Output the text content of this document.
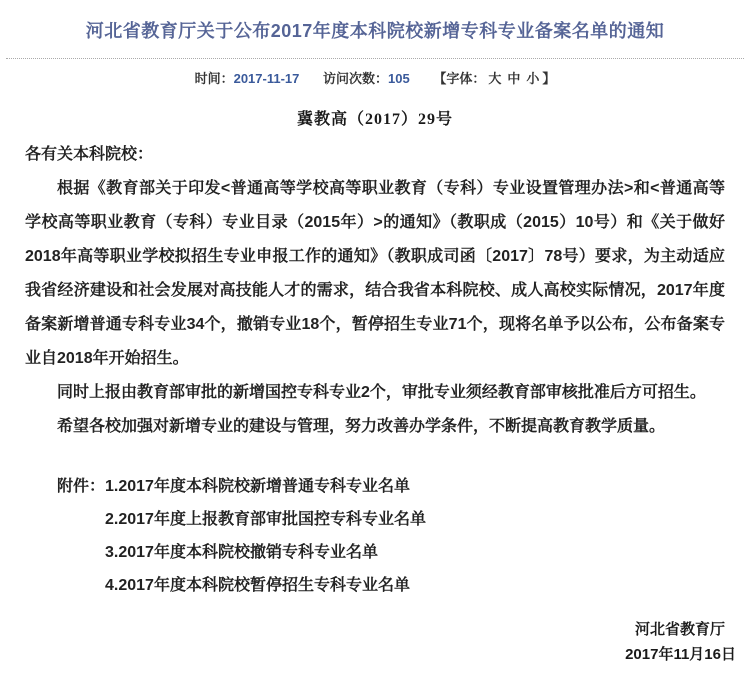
河北省教育厅关于公布2017年度本科院校新增专科专业备案名单的通知
时间：2017-11-17 访问次数：105 【字体： 大 中 小 】
冀教高（2017）29号
各有关本科院校：
根据《教育部关于印发<普通高等学校高等职业教育（专科）专业设置管理办法>和<普通高等学校高等职业教育（专科）专业目录（2015年）>的通知》（教职成（2015）10号）和《关于做好2018年高等职业学校拟招生专业申报工作的通知》（教职成司函〔2017〕78号）要求，为主动适应我省经济建设和社会发展对高技能人才的需求，结合我省本科院校、成人高校实际情况，2017年度备案新增普通专科专业34个，撤销专业18个，暂停招生专业71个，现将名单予以公布，公布备案专业自2018年开始招生。
同时上报由教育部审批的新增国控专科专业2个，审批专业须经教育部审核批准后方可招生。
希望各校加强对新增专业的建设与管理，努力改善办学条件，不断提高教育教学质量。
附件： 1.2017年度本科院校新增普通专科专业名单
2.2017年度上报教育部审批国控专科专业名单
3.2017年度本科院校撤销专科专业名单
4.2017年度本科院校暂停招生专科专业名单
河北省教育厅
2017年11月16日
